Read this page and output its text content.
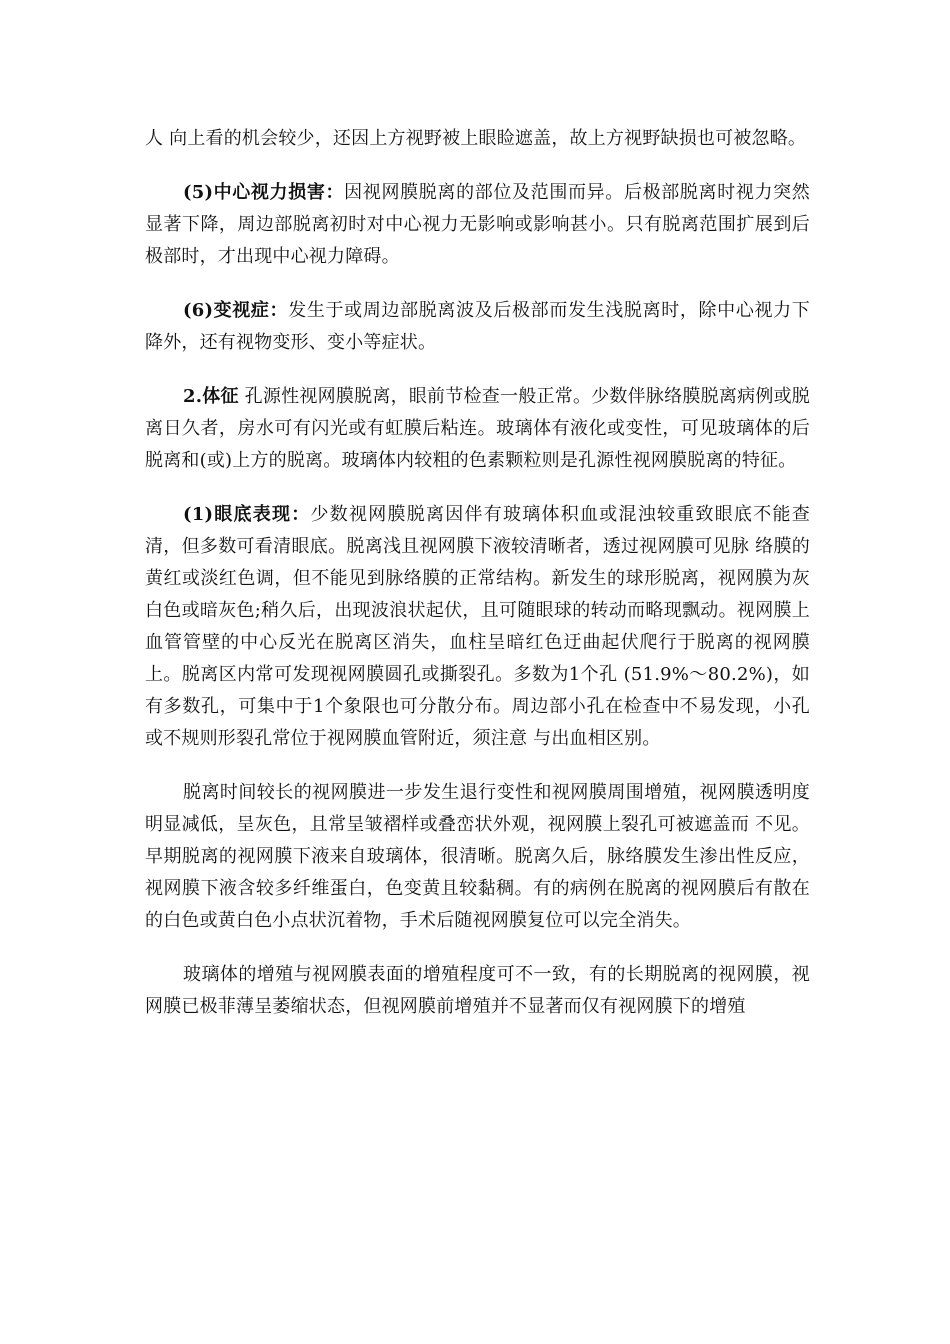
人 向上看的机会较少，还因上方视野被上眼睑遮盖，故上方视野缺损也可被忽略。

(5)中心视力损害：因视网膜脱离的部位及范围而异。后极部脱离时视力突然显著下降，周边部脱离初时对中心视力无影响或影响甚小。只有脱离范围扩展到后极部时，才出现中心视力障碍。

(6)变视症：发生于或周边部脱离波及后极部而发生浅脱离时，除中心视力下降外，还有视物变形、变小等症状。

2.体征 孔源性视网膜脱离，眼前节检查一般正常。少数伴脉络膜脱离病例或脱离日久者，房水可有闪光或有虹膜后粘连。玻璃体有液化或变性，可见玻璃体的后脱离和(或)上方的脱离。玻璃体内较粗的色素颗粒则是孔源性视网膜脱离的特征。

(1)眼底表现：少数视网膜脱离因伴有玻璃体积血或混浊较重致眼底不能查清，但多数可看清眼底。脱离浅且视网膜下液较清晰者，透过视网膜可见脉 络膜的黄红或淡红色调，但不能见到脉络膜的正常结构。新发生的球形脱离，视网膜为灰白色或暗灰色;稍久后，出现波浪状起伏，且可随眼球的转动而略现飘动。视网膜上血管管壁的中心反光在脱离区消失，血柱呈暗红色迂曲起伏爬行于脱离的视网膜上。脱离区内常可发现视网膜圆孔或撕裂孔。多数为1个孔 (51.9%～80.2%)，如有多数孔，可集中于1个象限也可分散分布。周边部小孔在检查中不易发现，小孔或不规则形裂孔常位于视网膜血管附近，须注意 与出血相区别。

脱离时间较长的视网膜进一步发生退行变性和视网膜周围增殖，视网膜透明度明显减低，呈灰色，且常呈皱褶样或叠峦状外观，视网膜上裂孔可被遮盖而 不见。早期脱离的视网膜下液来自玻璃体，很清晰。脱离久后，脉络膜发生渗出性反应，视网膜下液含较多纤维蛋白，色变黄且较黏稠。有的病例在脱离的视网膜后有散在的白色或黄白色小点状沉着物，手术后随视网膜复位可以完全消失。

玻璃体的增殖与视网膜表面的增殖程度可不一致，有的长期脱离的视网膜，视网膜已极菲薄呈萎缩状态，但视网膜前增殖并不显著而仅有视网膜下的增殖
